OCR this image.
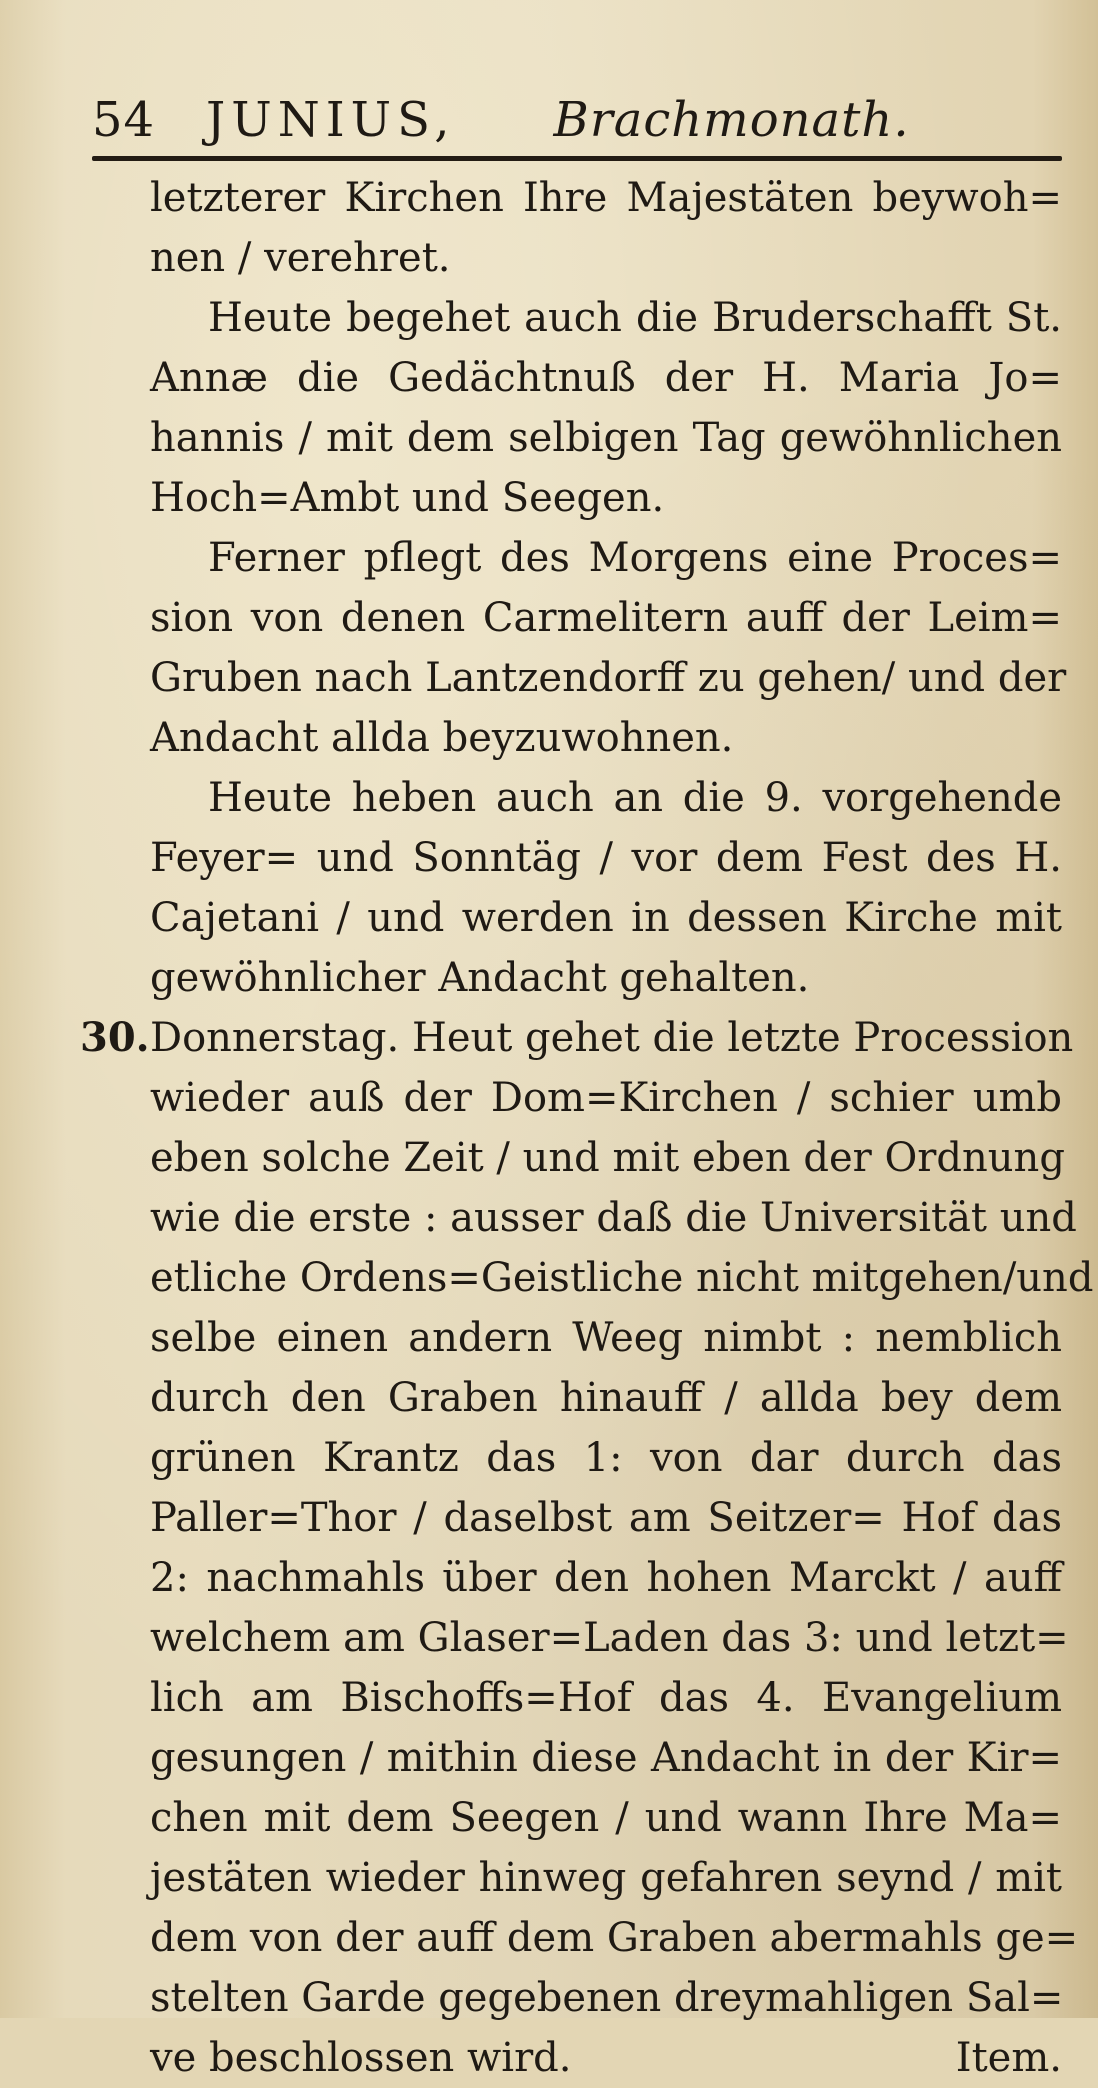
54	JUNIUS, Brachmonath.
letzterer Kirchen Ihre Majestäten beywoh=
nen / verehret.
Heute begehet auch die Bruderschafft St.
Annæ die Gedächtnuß der H. Maria Jo=
hannis / mit dem selbigen Tag gewöhnlichen
Hoch=Ambt und Seegen.
Ferner pflegt des Morgens eine Proces=
sion von denen Carmelitern auff der Leim=
Gruben nach Lantzendorff zu gehen/ und der
Andacht allda beyzuwohnen.
Heute heben auch an die 9. vorgehende
Feyer= und Sonntäg / vor dem Fest des H.
Cajetani / und werden in dessen Kirche mit
gewöhnlicher Andacht gehalten.
30. Donnerstag. Heut gehet die letzte Procession
wieder auß der Dom=Kirchen / schier umb
eben solche Zeit / und mit eben der Ordnung
wie die erste : ausser daß die Universität und
etliche Ordens=Geistliche nicht mitgehen/und
selbe einen andern Weeg nimbt : nemblich
durch den Graben hinauff / allda bey dem
grünen Krantz das 1: von dar durch das
Paller=Thor / daselbst am Seitzer= Hof das
2: nachmahls über den hohen Marckt / auff
welchem am Glaser=Laden das 3: und letzt=
lich am Bischoffs=Hof das 4. Evangelium
gesungen / mithin diese Andacht in der Kir=
chen mit dem Seegen / und wann Ihre Ma=
jestäten wieder hinweg gefahren seynd / mit
dem von der auff dem Graben abermahls ge=
stelten Garde gegebenen dreymahligen Sal=
ve beschlossen wird.	Item.
